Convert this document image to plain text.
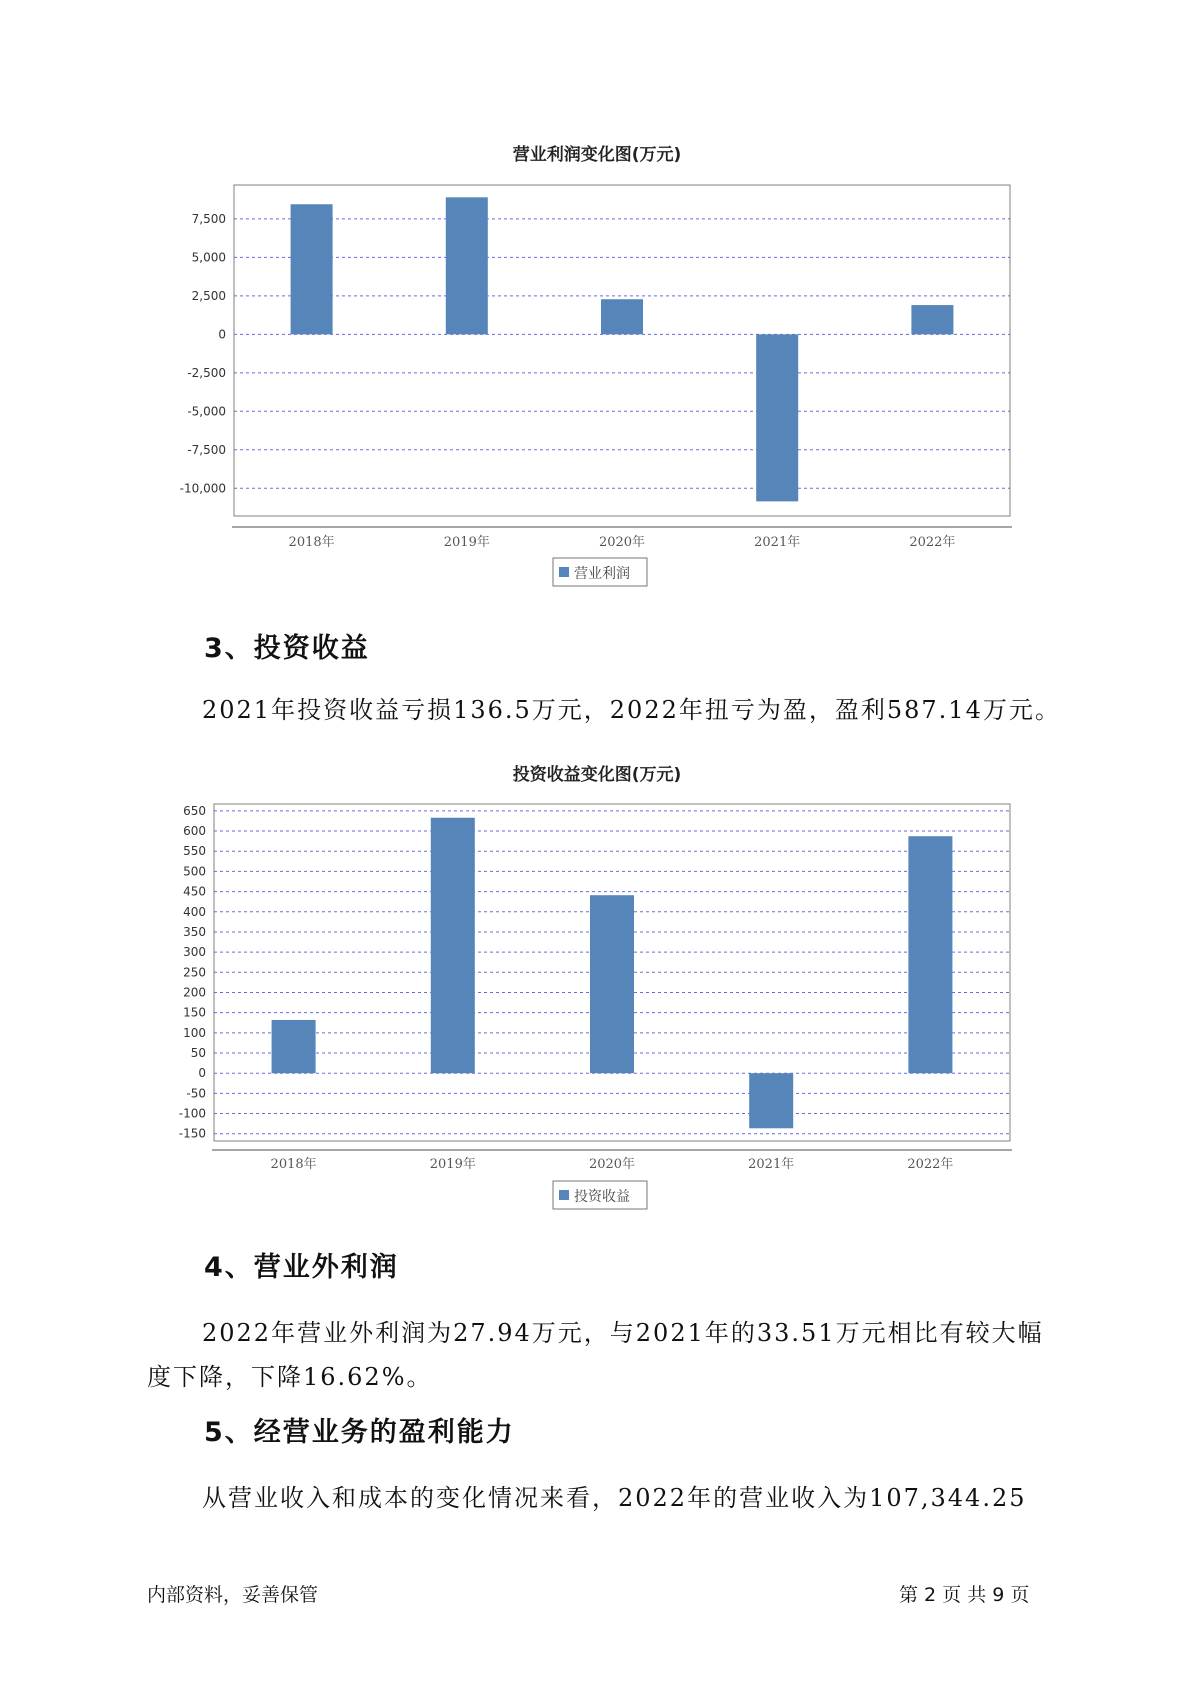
营业利润变化图(万元)
7,500
5,000
2,500
0
-2,500
-5,000
-7,500
-10,000
2018年	2019年	2020年	2021年	2022年
营业利润
投资收益变化图(万元)
650
600
550
500
450
400
350
300
250
200
150
100
50
0
-50
-100
-150
2018年	2019年	2020年	2021年	2022年
投资收益
3、投资收益

2021年投资收益亏损136.5万元，2022年扭亏为盈，盈利587.14万元。

4、营业外利润

2022年营业外利润为27.94万元，与2021年的33.51万元相比有较大幅

度下降，下降16.62%。

5、经营业务的盈利能力

从营业收入和成本的变化情况来看，2022年的营业收入为107,344.25

内部资料，妥善保管	第 2 页 共 9 页
